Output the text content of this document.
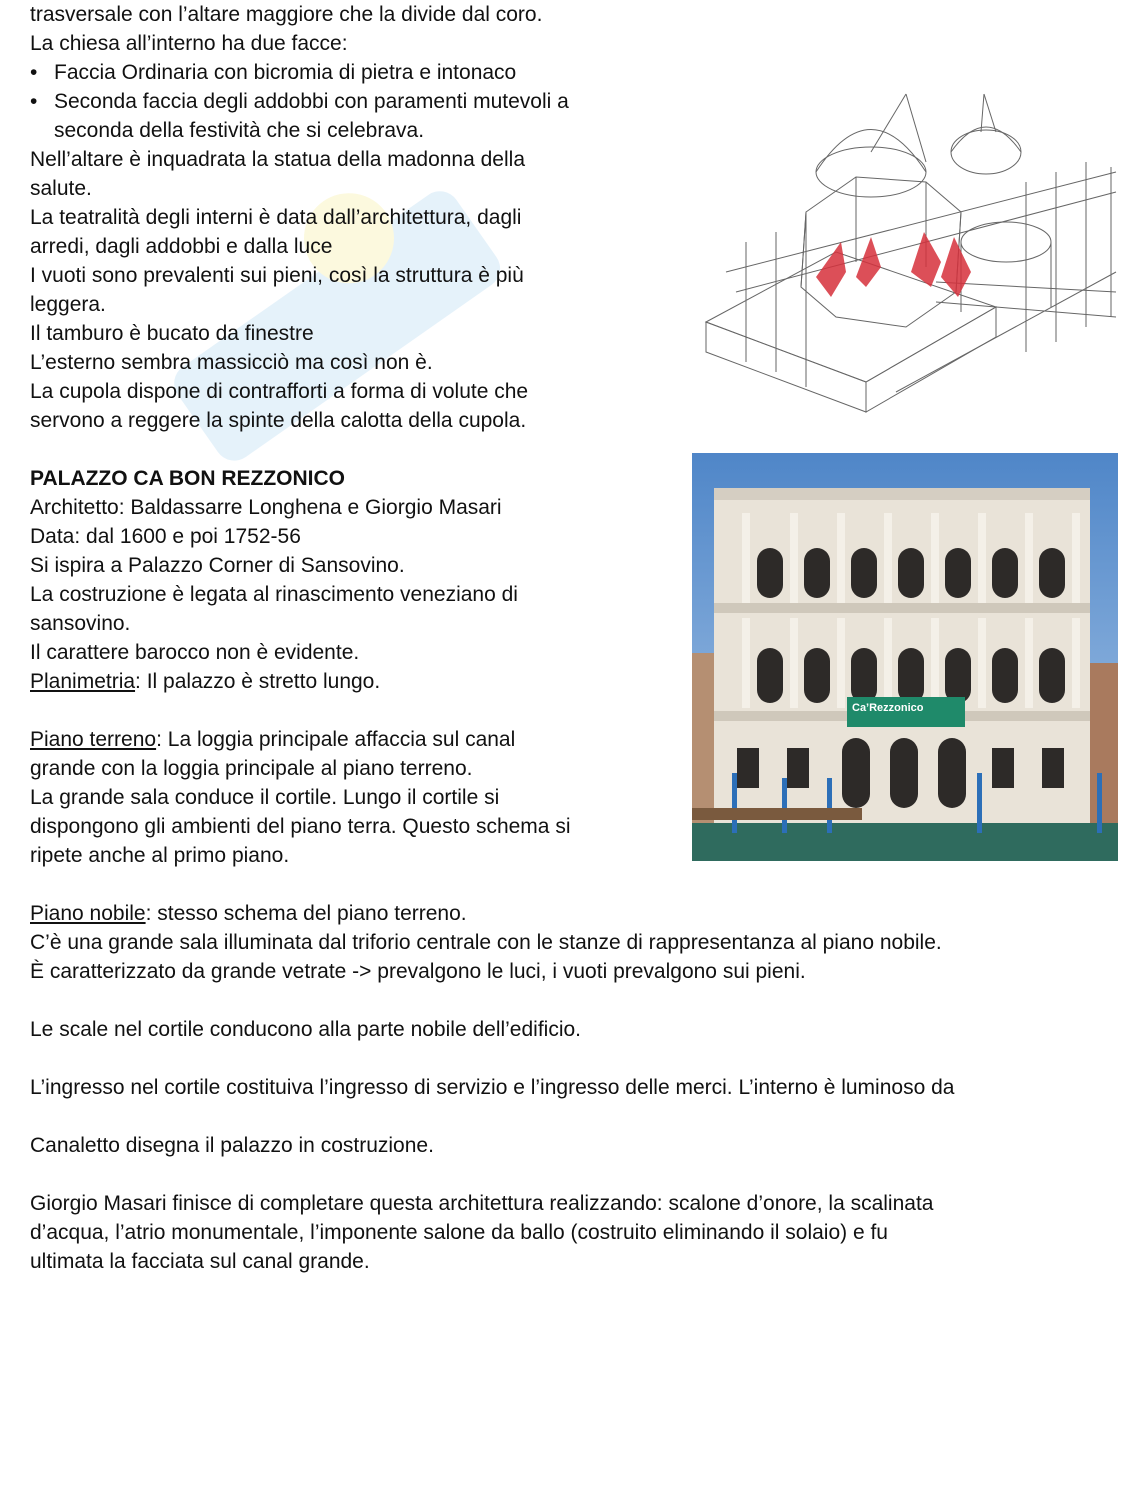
trasversale con l’altare maggiore che la divide dal coro.
La chiesa all’interno ha due facce:
• Faccia Ordinaria con bicromia di pietra e intonaco
• Seconda faccia degli addobbi con paramenti mutevoli a
seconda della festività che si celebrava.
Nell’altare è inquadrata la statua della madonna della
salute.
La teatralità degli interni è data dall’architettura, dagli
arredi, dagli addobbi e dalla luce
I vuoti sono prevalenti sui pieni, così la struttura è più
leggera.
Il tamburo è bucato da finestre
L’esterno sembra massicciò ma così non è.
La cupola dispone di contrafforti a forma di volute che
servono a reggere la spinte della calotta della cupola.
PALAZZO CA BON REZZONICO
Architetto: Baldassarre Longhena e Giorgio Masari
Data: dal 1600 e poi 1752-56
Si ispira a Palazzo Corner di Sansovino.
La costruzione è legata al rinascimento veneziano di
sansovino.
Il carattere barocco non è evidente.
Planimetria: Il palazzo è stretto lungo.
Piano terreno: La loggia principale affaccia sul canal
grande con la loggia principale al piano terreno.
La grande sala conduce il cortile. Lungo il cortile si
dispongono gli ambienti del piano terra. Questo schema si
ripete anche al primo piano.
Piano nobile: stesso schema del piano terreno.
C’è una grande sala illuminata dal triforio centrale con le stanze di rappresentanza al piano nobile.
È caratterizzato da grande vetrate -> prevalgono le luci, i vuoti prevalgono sui pieni.
Le scale nel cortile conducono alla parte nobile dell’edificio.
L’ingresso nel cortile costituiva l’ingresso di servizio e l’ingresso delle merci. L’interno è luminoso da
Canaletto disegna il palazzo in costruzione.
Giorgio Masari finisce di completare questa architettura realizzando: scalone d’onore, la scalinata
d’acqua, l’atrio monumentale, l’imponente salone da ballo (costruito eliminando il solaio) e fu
ultimata la facciata sul canal grande.
Ca’Rezzonico
